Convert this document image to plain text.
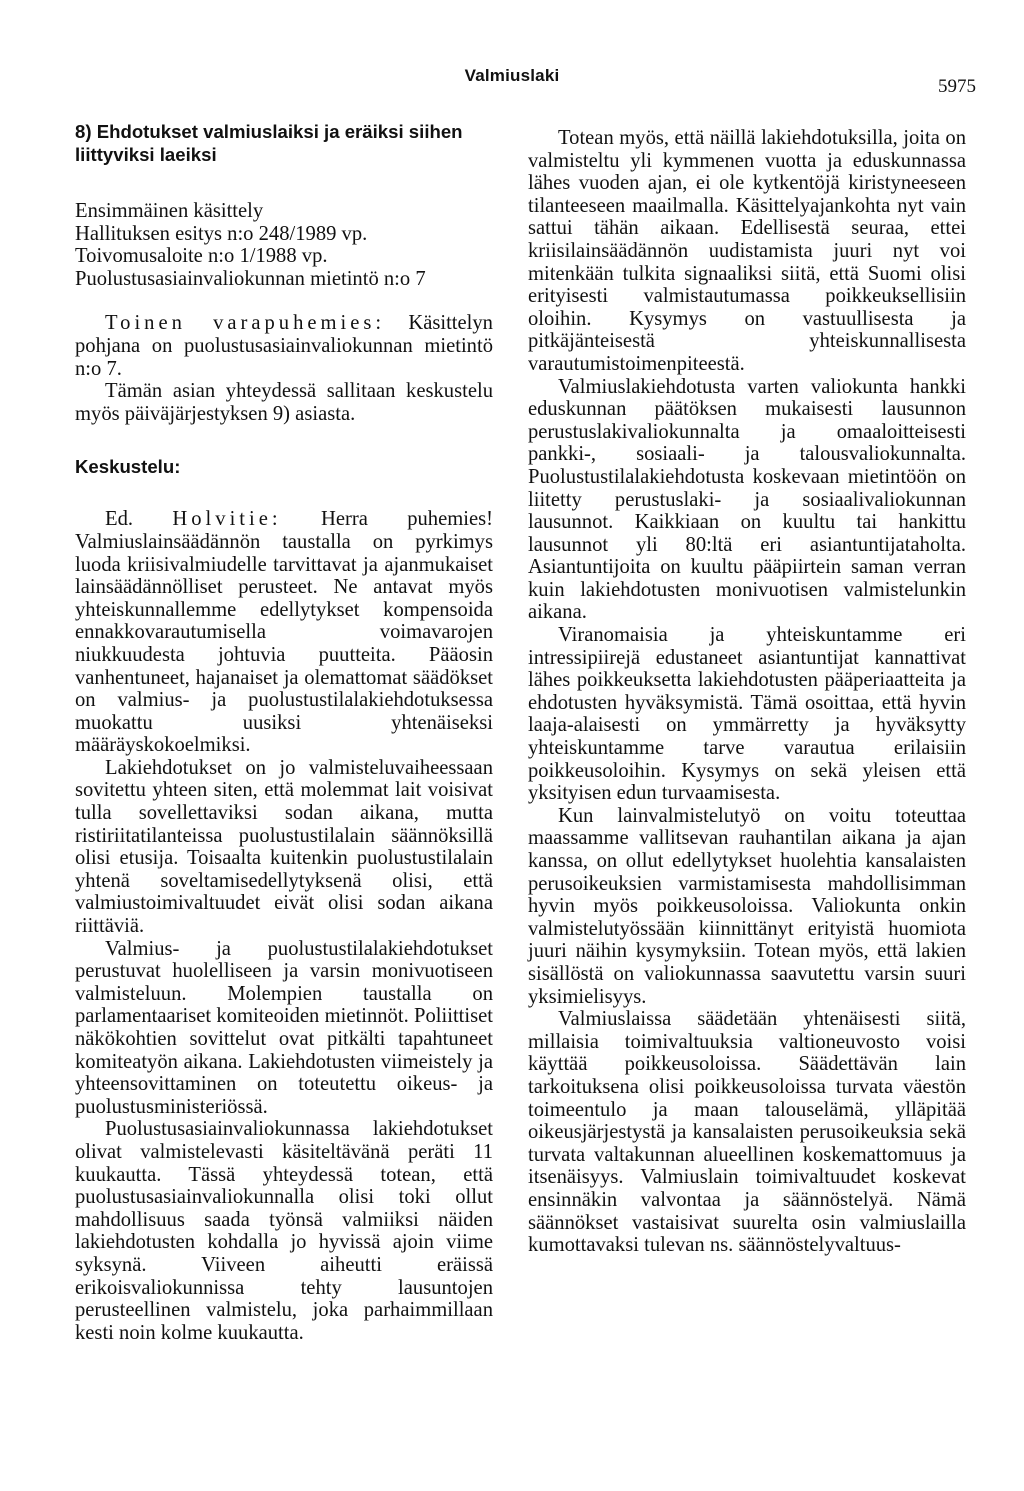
Valmiuslaki
5975

8) Ehdotukset valmiuslaiksi ja eräiksi siihen liittyviksi laeiksi

Ensimmäinen käsittely

Hallituksen esitys n:o 248/1989 vp.

Toivomusaloite n:o 1/1988 vp.

Puolustusasiainvaliokunnan mietintö n:o 7

Toinen varapuhemies: Käsittelyn pohjana on puolustusasiainvaliokunnan mietintö n:o 7.

Tämän asian yhteydessä sallitaan keskustelu myös päiväjärjestyksen 9) asiasta.

Keskustelu:

Ed. Holvitie: Herra puhemies! Valmiuslainsäädännön taustalla on pyrkimys luoda kriisivalmiudelle tarvittavat ja ajanmukaiset lainsäädännölliset perusteet. Ne antavat myös yhteiskunnallemme edellytykset kompensoida ennakkovarautumisella voimavarojen niukkuudesta johtuvia puutteita. Pääosin vanhentuneet, hajanaiset ja olemattomat säädökset on valmius- ja puolustustilalakiehdotuksessa muokattu uusiksi yhtenäiseksi määräyskokoelmiksi.

Lakiehdotukset on jo valmisteluvaiheessaan sovitettu yhteen siten, että molemmat lait voisivat tulla sovellettaviksi sodan aikana, mutta ristiriitatilanteissa puolustustilalain säännöksillä olisi etusija. Toisaalta kuitenkin puolustustilalain yhtenä soveltamisedellytyksenä olisi, että valmiustoimivaltuudet eivät olisi sodan aikana riittäviä.

Valmius- ja puolustustilalakiehdotukset perustuvat huolelliseen ja varsin monivuotiseen valmisteluun. Molempien taustalla on parlamentaariset komiteoiden mietinnöt. Poliittiset näkökohtien sovittelut ovat pitkälti tapahtuneet komiteatyön aikana. Lakiehdotusten viimeistely ja yhteensovittaminen on toteutettu oikeus- ja puolustusministeriössä.

Puolustusasiainvaliokunnassa lakiehdotukset olivat valmistelevasti käsiteltävänä peräti 11 kuukautta. Tässä yhteydessä totean, että puolustusasiainvaliokunnalla olisi toki ollut mahdollisuus saada työnsä valmiiksi näiden lakiehdotusten kohdalla jo hyvissä ajoin viime syksynä. Viiveen aiheutti eräissä erikoisvaliokunnissa tehty lausuntojen perusteellinen valmistelu, joka parhaimmillaan kesti noin kolme kuukautta.

Totean myös, että näillä lakiehdotuksilla, joita on valmisteltu yli kymmenen vuotta ja eduskunnassa lähes vuoden ajan, ei ole kytkentöjä kiristyneeseen tilanteeseen maailmalla. Käsittelyajankohta nyt vain sattui tähän aikaan. Edellisestä seuraa, ettei kriisilainsäädännön uudistamista juuri nyt voi mitenkään tulkita signaaliksi siitä, että Suomi olisi erityisesti valmistautumassa poikkeuksellisiin oloihin. Kysymys on vastuullisesta ja pitkäjänteisestä yhteiskunnallisesta varautumistoimenpiteestä.

Valmiuslakiehdotusta varten valiokunta hankki eduskunnan päätöksen mukaisesti lausunnon perustuslakivaliokunnalta ja omaaloitteisesti pankki-, sosiaali- ja talousvaliokunnalta. Puolustustilalakiehdotusta koskevaan mietintöön on liitetty perustuslaki- ja sosiaalivaliokunnan lausunnot. Kaikkiaan on kuultu tai hankittu lausunnot yli 80:ltä eri asiantuntijataholta. Asiantuntijoita on kuultu pääpiirtein saman verran kuin lakiehdotusten monivuotisen valmistelunkin aikana.

Viranomaisia ja yhteiskuntamme eri intressipiirejä edustaneet asiantuntijat kannattivat lähes poikkeuksetta lakiehdotusten pääperiaatteita ja ehdotusten hyväksymistä. Tämä osoittaa, että hyvin laaja-alaisesti on ymmärretty ja hyväksytty yhteiskuntamme tarve varautua erilaisiin poikkeusoloihin. Kysymys on sekä yleisen että yksityisen edun turvaamisesta.

Kun lainvalmistelutyö on voitu toteuttaa maassamme vallitsevan rauhantilan aikana ja ajan kanssa, on ollut edellytykset huolehtia kansalaisten perusoikeuksien varmistamisesta mahdollisimman hyvin myös poikkeusoloissa. Valiokunta onkin valmistelutyössään kiinnittänyt erityistä huomiota juuri näihin kysymyksiin. Totean myös, että lakien sisällöstä on valiokunnassa saavutettu varsin suuri yksimielisyys.

Valmiuslaissa säädetään yhtenäisesti siitä, millaisia toimivaltuuksia valtioneuvosto voisi käyttää poikkeusoloissa. Säädettävän lain tarkoituksena olisi poikkeusoloissa turvata väestön toimeentulo ja maan talouselämä, ylläpitää oikeusjärjestystä ja kansalaisten perusoikeuksia sekä turvata valtakunnan alueellinen koskemattomuus ja itsenäisyys. Valmiuslain toimivaltuudet koskevat ensinnäkin valvontaa ja säännöstelyä. Nämä säännökset vastaisivat suurelta osin valmiuslailla kumottavaksi tulevan ns. säännöstelyvaltuus-
